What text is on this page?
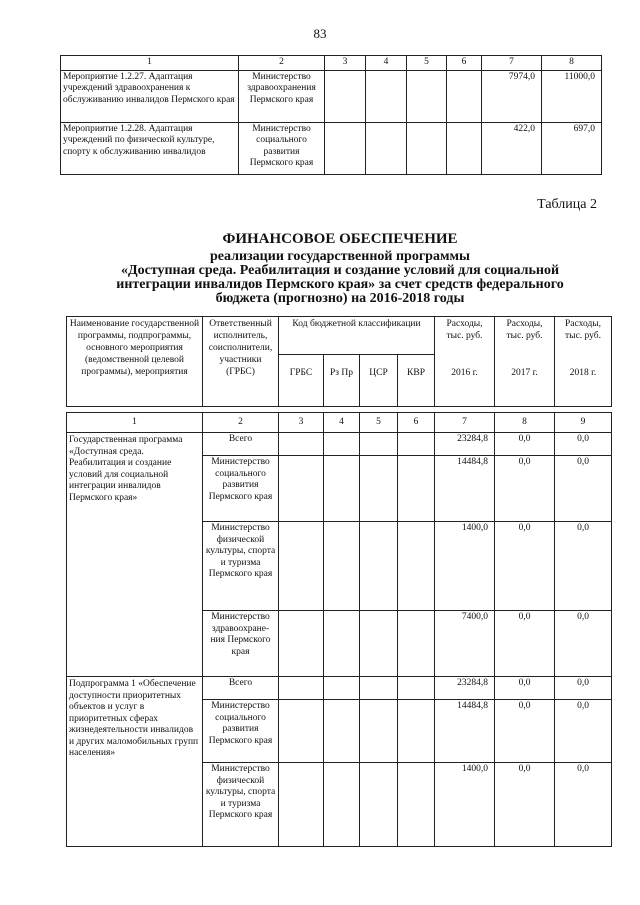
83
1	2	3	4	5	6	7	8
Мероприятие 1.2.27. Адаптация учреждений здравоохранения к обслуживанию инвалидов Пермского края	Министерство здравоохранения Пермского края					7974,0	11000,0
Мероприятие 1.2.28. Адаптация учреждений по физической культуре, спорту к обслуживанию инвалидов	Министерство социального развития Пермского края					422,0	697,0
Таблица 2
ФИНАНСОВОЕ ОБЕСПЕЧЕНИЕ
реализации государственной программы
«Доступная среда. Реабилитация и создание условий для социальной
интеграции инвалидов Пермского края» за счет средств федерального
бюджета (прогнозно) на 2016-2018 годы
Наименование государственной программы, подпрограммы, основного мероприятия (ведомственной целевой программы), мероприятия	Ответственный исполнитель, соисполнители, участники (ГРБС)	Код бюджетной классификации				Расходы, тыс. руб.	Расходы, тыс. руб.	Расходы, тыс. руб.
		ГРБС	Рз Пр	ЦСР	КВР	2016 г.	2017 г.	2018 г.

1	2	3	4	5	6	7	8	9
Государственная программа «Доступная среда. Реабилитация и создание условий для социальной интеграции инвалидов Пермского края»	Всего					23284,8	0,0	0,0
	Министерство социального развития Пермского края					14484,8	0,0	0,0
	Министерство физической культуры, спорта и туризма Пермского края					1400,0	0,0	0,0
	Министерство здравоохране-ния Пермского края					7400,0	0,0	0,0
Подпрограмма 1 «Обеспечение доступности приоритетных объектов и услуг в приоритетных сферах жизнедеятельности инвалидов и других маломобильных групп населения»	Всего					23284,8	0,0	0,0
	Министерство социального развития Пермского края					14484,8	0,0	0,0
	Министерство физической культуры, спорта и туризма Пермского края					1400,0	0,0	0,0
